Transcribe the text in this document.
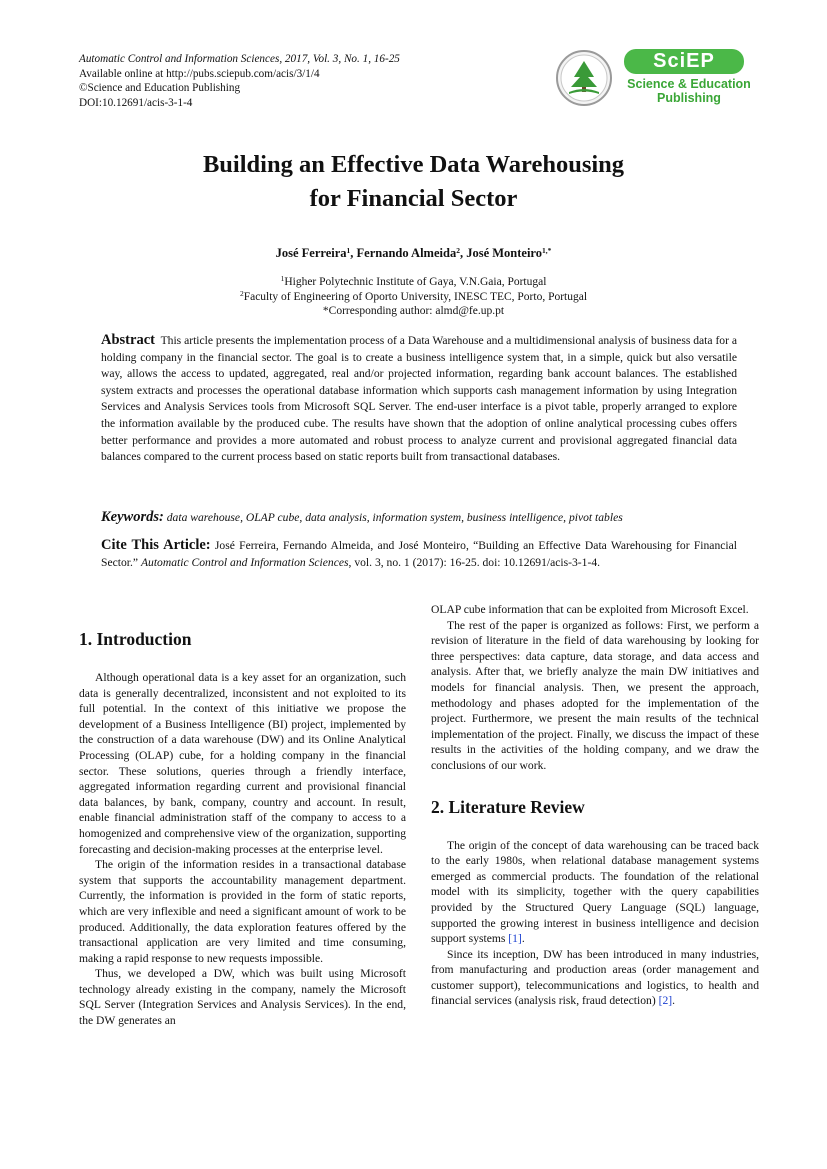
Automatic Control and Information Sciences, 2017, Vol. 3, No. 1, 16-25
Available online at http://pubs.sciepub.com/acis/3/1/4
©Science and Education Publishing
DOI:10.12691/acis-3-1-4
SciEP
Science & Education
Publishing
Building an Effective Data Warehousing
for Financial Sector
José Ferreira$^1$, Fernando Almeida$^2$, José Monteiro$^{1,*}$
$^1$Higher Polytechnic Institute of Gaya, V.N.Gaia, Portugal
$^2$Faculty of Engineering of Oporto University, INESC TEC, Porto, Portugal
*Corresponding author: almd@fe.up.pt
Abstract This article presents the implementation process of a Data Warehouse and a multidimensional analysis of business data for a holding company in the financial sector. The goal is to create a business intelligence system that, in a simple, quick but also versatile way, allows the access to updated, aggregated, real and/or projected information, regarding bank account balances. The established system extracts and processes the operational database information which supports cash management information by using Integration Services and Analysis Services tools from Microsoft SQL Server. The end-user interface is a pivot table, properly arranged to explore the information available by the produced cube. The results have shown that the adoption of online analytical processing cubes offers better performance and provides a more automated and robust process to analyze current and provisional aggregated financial data balances compared to the current process based on static reports built from transactional databases.
Keywords: data warehouse, OLAP cube, data analysis, information system, business intelligence, pivot tables
Cite This Article: José Ferreira, Fernando Almeida, and José Monteiro, “Building an Effective Data Warehousing for Financial Sector.” Automatic Control and Information Sciences, vol. 3, no. 1 (2017): 16-25. doi: 10.12691/acis-3-1-4.
1. Introduction

Although operational data is a key asset for an organization, such data is generally decentralized, inconsistent and not exploited to its full potential. In the context of this initiative we propose the development of a Business Intelligence (BI) project, implemented by the construction of a data warehouse (DW) and its Online Analytical Processing (OLAP) cube, for a holding company in the financial sector. These solutions, queries through a friendly interface, aggregated information regarding current and provisional financial data balances, by bank, company, country and account. In result, enable financial administration staff of the company to access to a homogenized and comprehensive view of the organization, supporting forecasting and decision-making processes at the enterprise level.

The origin of the information resides in a transactional database system that supports the accountability management department. Currently, the information is provided in the form of static reports, which are very inflexible and need a significant amount of work to be produced. Additionally, the data exploration features offered by the transactional application are very limited and time consuming, making a rapid response to new requests impossible.

Thus, we developed a DW, which was built using Microsoft technology already existing in the company, namely the Microsoft SQL Server (Integration Services and Analysis Services). In the end, the DW generates an

OLAP cube information that can be exploited from Microsoft Excel.

The rest of the paper is organized as follows: First, we perform a revision of literature in the field of data warehousing by looking for three perspectives: data capture, data storage, and data access and analysis. After that, we briefly analyze the main DW initiatives and models for financial analysis. Then, we present the approach, methodology and phases adopted for the implementation of the project. Furthermore, we present the main results of the technical implementation of the project. Finally, we discuss the impact of these results in the activities of the holding company, and we draw the conclusions of our work.

2. Literature Review

The origin of the concept of data warehousing can be traced back to the early 1980s, when relational database management systems emerged as commercial products. The foundation of the relational model with its simplicity, together with the query capabilities provided by the Structured Query Language (SQL) language, supported the growing interest in business intelligence and decision support systems [1].

Since its inception, DW has been introduced in many industries, from manufacturing and production areas (order management and customer support), telecommunications and logistics, to health and financial services (analysis risk, fraud detection) [2].
